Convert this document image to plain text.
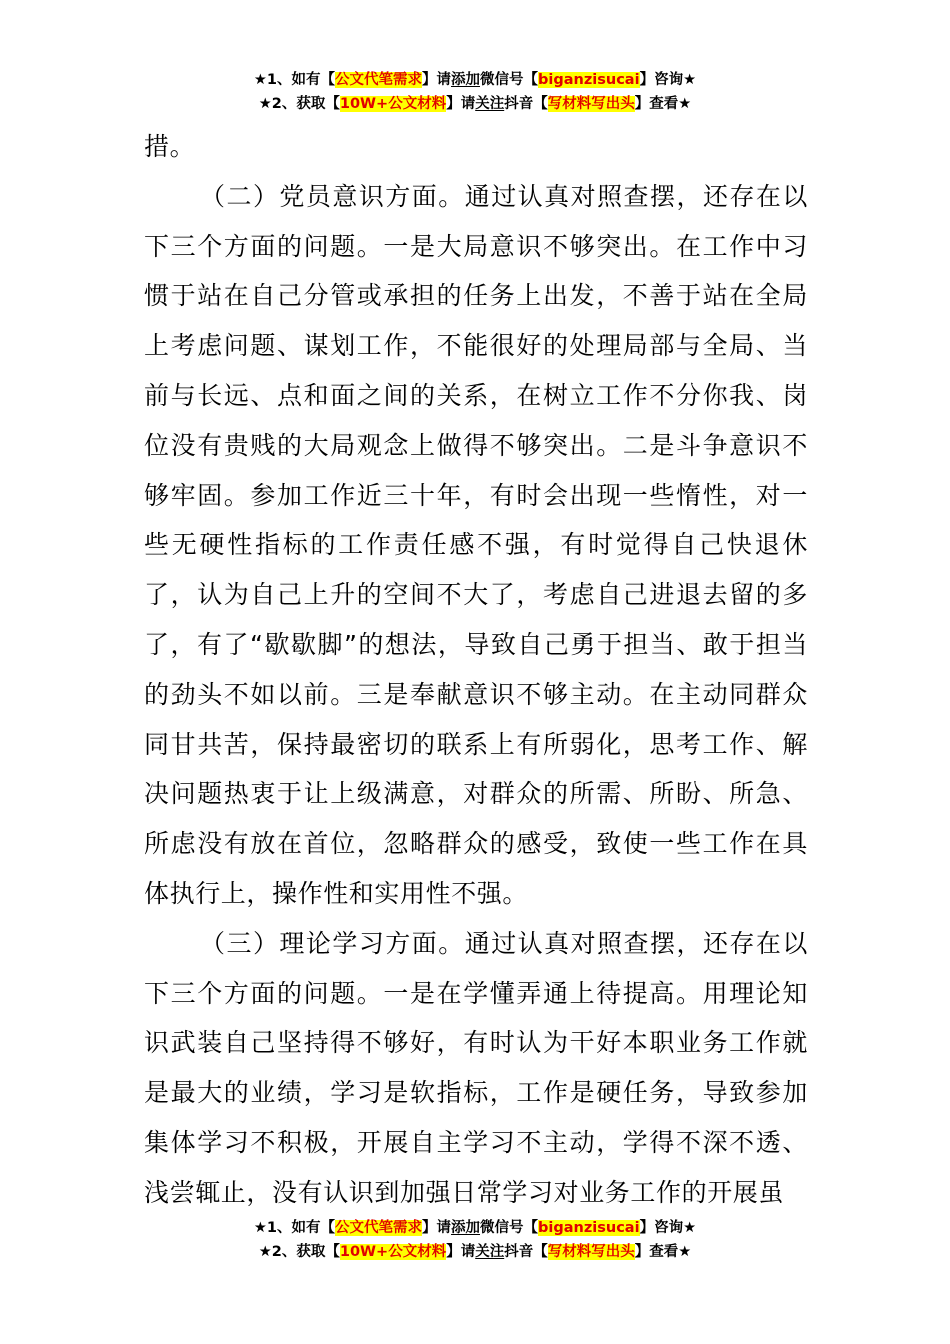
★1、如有【公文代笔需求】请添加微信号【biganzisucai】咨询★
★2、获取【10W+公文材料】请关注抖音【写材料写出头】查看★

措。

（二）党员意识方面。通过认真对照查摆，还存在以下三个方面的问题。一是大局意识不够突出。在工作中习惯于站在自己分管或承担的任务上出发，不善于站在全局上考虑问题、谋划工作，不能很好的处理局部与全局、当前与长远、点和面之间的关系，在树立工作不分你我、岗位没有贵贱的大局观念上做得不够突出。二是斗争意识不够牢固。参加工作近三十年，有时会出现一些惰性，对一些无硬性指标的工作责任感不强，有时觉得自己快退休了，认为自己上升的空间不大了，考虑自己进退去留的多了，有了“歇歇脚”的想法，导致自己勇于担当、敢于担当的劲头不如以前。三是奉献意识不够主动。在主动同群众同甘共苦，保持最密切的联系上有所弱化，思考工作、解决问题热衷于让上级满意，对群众的所需、所盼、所急、所虑没有放在首位，忽略群众的感受，致使一些工作在具体执行上，操作性和实用性不强。

（三）理论学习方面。通过认真对照查摆，还存在以下三个方面的问题。一是在学懂弄通上待提高。用理论知识武装自己坚持得不够好，有时认为干好本职业务工作就是最大的业绩，学习是软指标，工作是硬任务，导致参加集体学习不积极，开展自主学习不主动，学得不深不透、浅尝辄止，没有认识到加强日常学习对业务工作的开展虽

★1、如有【公文代笔需求】请添加微信号【biganzisucai】咨询★
★2、获取【10W+公文材料】请关注抖音【写材料写出头】查看★
